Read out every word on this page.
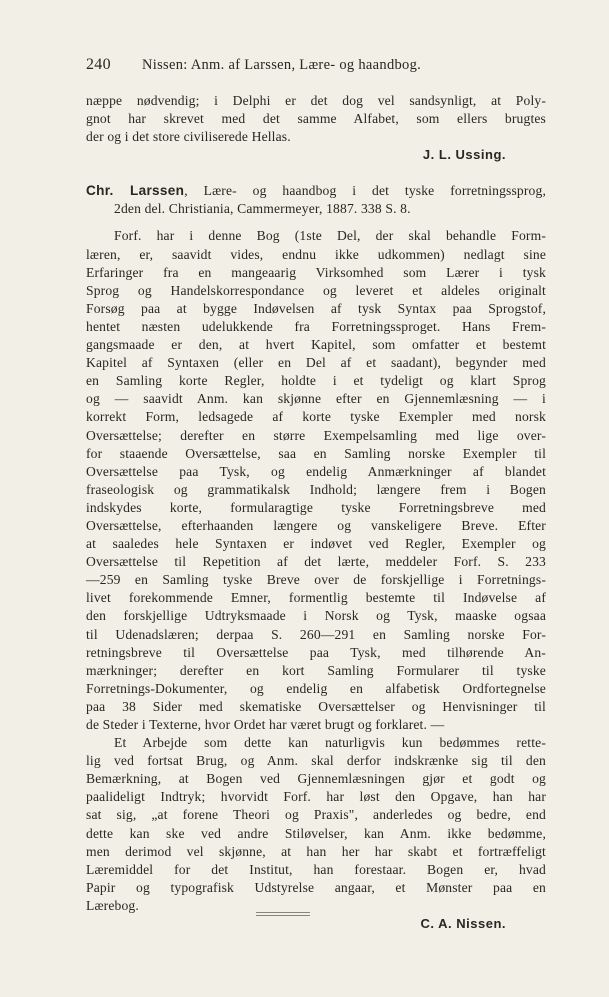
240	Nissen: Anm. af Larssen, Lære- og haandbog.
næppe nødvendig; i Delphi er det dog vel sandsynligt, at Poly-
gnot har skrevet med det samme Alfabet, som ellers brugtes
der og i det store civiliserede Hellas.
J. L. Ussing.
Chr. Larssen, Lære- og haandbog i det tyske forretningssprog,
2den del. Christiania, Cammermeyer, 1887. 338 S. 8.
Forf. har i denne Bog (1ste Del, der skal behandle Form-
læren, er, saavidt vides, endnu ikke udkommen) nedlagt sine
Erfaringer fra en mangeaarig Virksomhed som Lærer i tysk
Sprog og Handelskorrespondance og leveret et aldeles originalt
Forsøg paa at bygge Indøvelsen af tysk Syntax paa Sprogstof,
hentet næsten udelukkende fra Forretningssproget. Hans Frem-
gangsmaade er den, at hvert Kapitel, som omfatter et bestemt
Kapitel af Syntaxen (eller en Del af et saadant), begynder med
en Samling korte Regler, holdte i et tydeligt og klart Sprog
og — saavidt Anm. kan skjønne efter en Gjennemlæsning — i
korrekt Form, ledsagede af korte tyske Exempler med norsk
Oversættelse; derefter en større Exempelsamling med lige over-
for staaende Oversættelse, saa en Samling norske Exempler til
Oversættelse paa Tysk, og endelig Anmærkninger af blandet
fraseologisk og grammatikalsk Indhold; længere frem i Bogen
indskydes korte, formularagtige tyske Forretningsbreve med
Oversættelse, efterhaanden længere og vanskeligere Breve. Efter
at saaledes hele Syntaxen er indøvet ved Regler, Exempler og
Oversættelse til Repetition af det lærte, meddeler Forf. S. 233
—259 en Samling tyske Breve over de forskjellige i Forretnings-
livet forekommende Emner, formentlig bestemte til Indøvelse af
den forskjellige Udtryksmaade i Norsk og Tysk, maaske ogsaa
til Udenadslæren; derpaa S. 260—291 en Samling norske For-
retningsbreve til Oversættelse paa Tysk, med tilhørende An-
mærkninger; derefter en kort Samling Formularer til tyske
Forretnings-Dokumenter, og endelig en alfabetisk Ordfortegnelse
paa 38 Sider med skematiske Oversættelser og Henvisninger til
de Steder i Texterne, hvor Ordet har været brugt og forklaret. —
Et Arbejde som dette kan naturligvis kun bedømmes rette-
lig ved fortsat Brug, og Anm. skal derfor indskrænke sig til den
Bemærkning, at Bogen ved Gjennemlæsningen gjør et godt og
paalideligt Indtryk; hvorvidt Forf. har løst den Opgave, han har
sat sig, „at forene Theori og Praxis", anderledes og bedre, end
dette kan ske ved andre Stiløvelser, kan Anm. ikke bedømme,
men derimod vel skjønne, at han her har skabt et fortræffeligt
Læremiddel for det Institut, han forestaar. Bogen er, hvad
Papir og typografisk Udstyrelse angaar, et Mønster paa en
Lærebog.
C. A. Nissen.
